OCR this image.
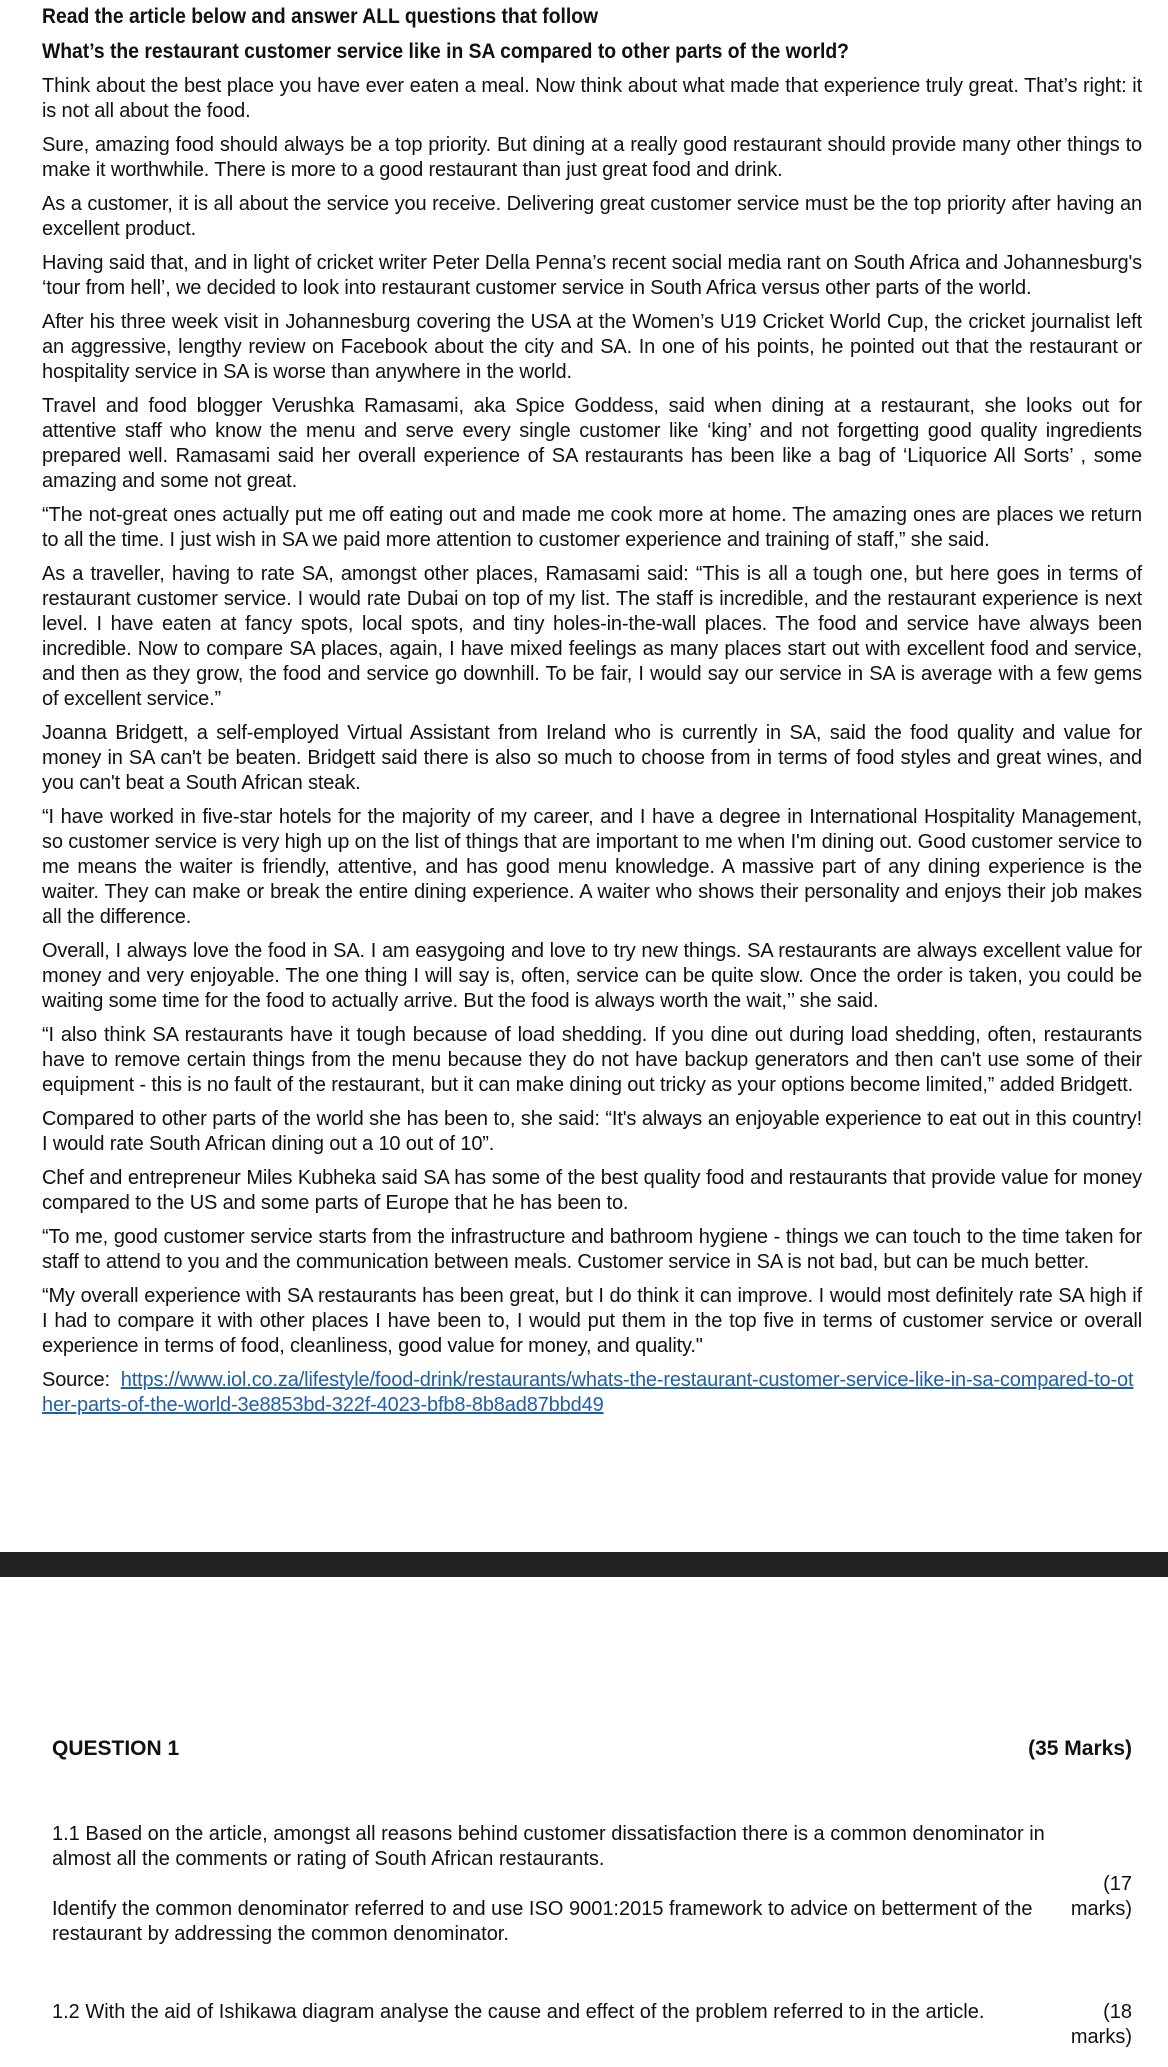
Read the article below and answer ALL questions that follow
What’s the restaurant customer service like in SA compared to other parts of the world?

Think about the best place you have ever eaten a meal. Now think about what made that experience truly great. That’s right: it is not all about the food.

Sure, amazing food should always be a top priority. But dining at a really good restaurant should provide many other things to make it worthwhile. There is more to a good restaurant than just great food and drink.

As a customer, it is all about the service you receive. Delivering great customer service must be the top priority after having an excellent product.

Having said that, and in light of cricket writer Peter Della Penna’s recent social media rant on South Africa and Johannesburg's ‘tour from hell’, we decided to look into restaurant customer service in South Africa versus other parts of the world.

After his three week visit in Johannesburg covering the USA at the Women’s U19 Cricket World Cup, the cricket journalist left an aggressive, lengthy review on Facebook about the city and SA. In one of his points, he pointed out that the restaurant or hospitality service in SA is worse than anywhere in the world.

Travel and food blogger Verushka Ramasami, aka Spice Goddess, said when dining at a restaurant, she looks out for attentive staff who know the menu and serve every single customer like ‘king’ and not forgetting good quality ingredients prepared well. Ramasami said her overall experience of SA restaurants has been like a bag of ‘Liquorice All Sorts’ , some amazing and some not great.

“The not-great ones actually put me off eating out and made me cook more at home. The amazing ones are places we return to all the time. I just wish in SA we paid more attention to customer experience and training of staff,” she said.

As a traveller, having to rate SA, amongst other places, Ramasami said: “This is all a tough one, but here goes in terms of restaurant customer service. I would rate Dubai on top of my list. The staff is incredible, and the restaurant experience is next level. I have eaten at fancy spots, local spots, and tiny holes-in-the-wall places. The food and service have always been incredible. Now to compare SA places, again, I have mixed feelings as many places start out with excellent food and service, and then as they grow, the food and service go downhill. To be fair, I would say our service in SA is average with a few gems of excellent service.”

Joanna Bridgett, a self-employed Virtual Assistant from Ireland who is currently in SA, said the food quality and value for money in SA can't be beaten. Bridgett said there is also so much to choose from in terms of food styles and great wines, and you can't beat a South African steak.

“I have worked in five-star hotels for the majority of my career, and I have a degree in International Hospitality Management, so customer service is very high up on the list of things that are important to me when I'm dining out. Good customer service to me means the waiter is friendly, attentive, and has good menu knowledge. A massive part of any dining experience is the waiter. They can make or break the entire dining experience. A waiter who shows their personality and enjoys their job makes all the difference.

Overall, I always love the food in SA. I am easygoing and love to try new things. SA restaurants are always excellent value for money and very enjoyable. The one thing I will say is, often, service can be quite slow. Once the order is taken, you could be waiting some time for the food to actually arrive. But the food is always worth the wait,’’ she said.

“I also think SA restaurants have it tough because of load shedding. If you dine out during load shedding, often, restaurants have to remove certain things from the menu because they do not have backup generators and then can't use some of their equipment - this is no fault of the restaurant, but it can make dining out tricky as your options become limited,” added Bridgett.

Compared to other parts of the world she has been to, she said: “It's always an enjoyable experience to eat out in this country! I would rate South African dining out a 10 out of 10”.

Chef and entrepreneur Miles Kubheka said SA has some of the best quality food and restaurants that provide value for money compared to the US and some parts of Europe that he has been to.

“To me, good customer service starts from the infrastructure and bathroom hygiene - things we can touch to the time taken for staff to attend to you and the communication between meals. Customer service in SA is not bad, but can be much better.

“My overall experience with SA restaurants has been great, but I do think it can improve. I would most definitely rate SA high if I had to compare it with other places I have been to, I would put them in the top five in terms of customer service or overall experience in terms of food, cleanliness, good value for money, and quality."

Source: https://www.iol.co.za/lifestyle/food-drink/restaurants/whats-the-restaurant-customer-service-like-in-sa-compared-to-other-parts-of-the-world-3e8853bd-322f-4023-bfb8-8b8ad87bbd49

QUESTION 1	(35 Marks)
1.1 Based on the article, amongst all reasons behind customer dissatisfaction there is a common denominator in almost all the comments or rating of South African restaurants.
(17 marks)
Identify the common denominator referred to and use ISO 9001:2015 framework to advice on betterment of the restaurant by addressing the common denominator.
1.2 With the aid of Ishikawa diagram analyse the cause and effect of the problem referred to in the article.	(18 marks)
